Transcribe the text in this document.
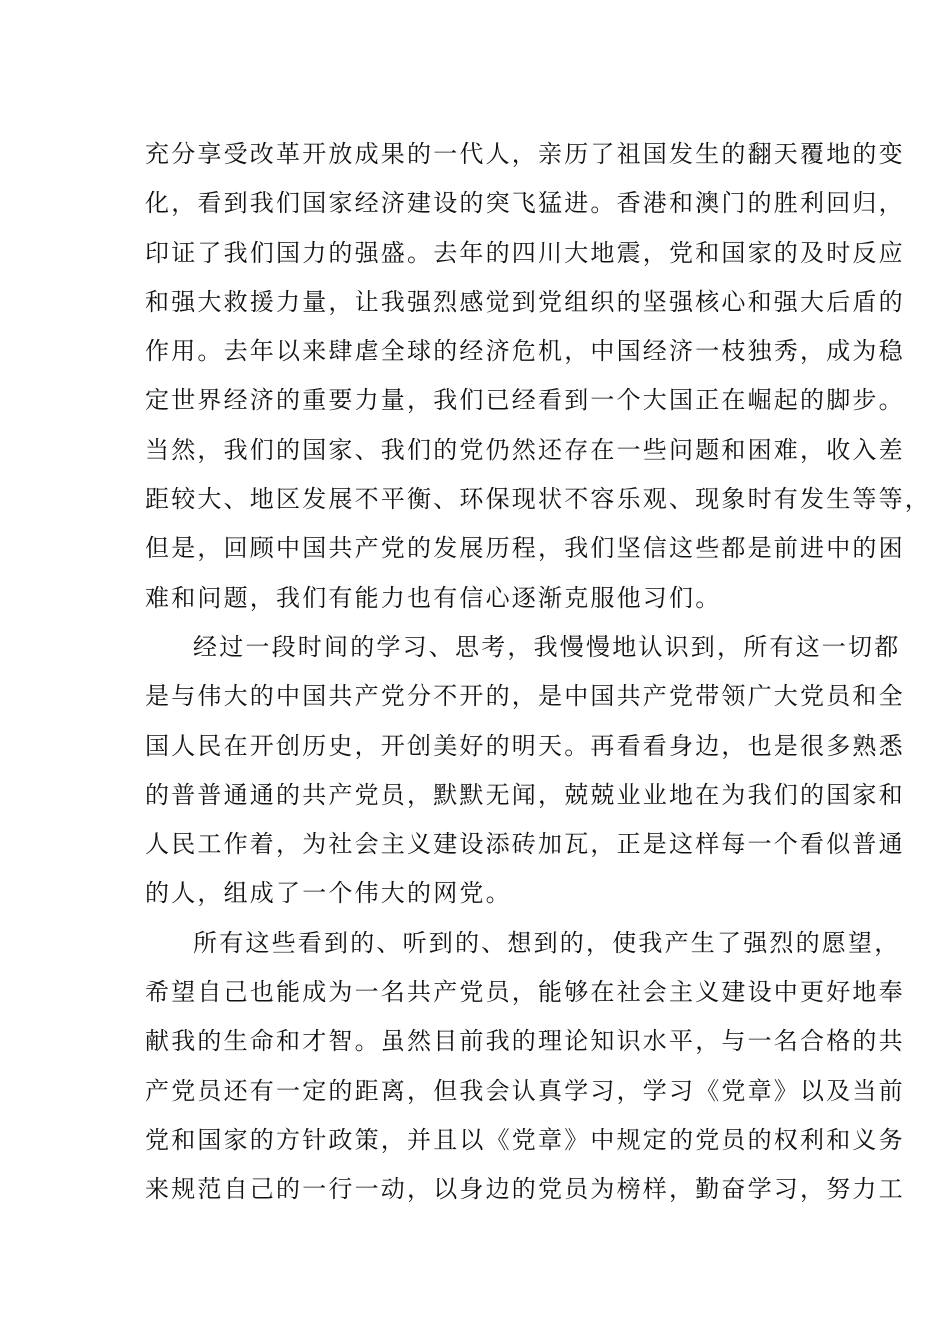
充分享受改革开放成果的一代人，亲历了祖国发生的翻天覆地的变
化，看到我们国家经济建设的突飞猛进。香港和澳门的胜利回归，
印证了我们国力的强盛。去年的四川大地震，党和国家的及时反应
和强大救援力量，让我强烈感觉到党组织的坚强核心和强大后盾的
作用。去年以来肆虐全球的经济危机，中国经济一枝独秀，成为稳
定世界经济的重要力量，我们已经看到一个大国正在崛起的脚步。
当然，我们的国家、我们的党仍然还存在一些问题和困难，收入差
距较大、地区发展不平衡、环保现状不容乐观、现象时有发生等等，
但是，回顾中国共产党的发展历程，我们坚信这些都是前进中的困
难和问题，我们有能力也有信心逐渐克服他习们。
经过一段时间的学习、思考，我慢慢地认识到，所有这一切都
是与伟大的中国共产党分不开的，是中国共产党带领广大党员和全
国人民在开创历史，开创美好的明天。再看看身边，也是很多熟悉
的普普通通的共产党员，默默无闻，兢兢业业地在为我们的国家和
人民工作着，为社会主义建设添砖加瓦，正是这样每一个看似普通
的人，组成了一个伟大的网党。
所有这些看到的、听到的、想到的，使我产生了强烈的愿望，
希望自己也能成为一名共产党员，能够在社会主义建设中更好地奉
献我的生命和才智。虽然目前我的理论知识水平，与一名合格的共
产党员还有一定的距离，但我会认真学习，学习《党章》以及当前
党和国家的方针政策，并且以《党章》中规定的党员的权利和义务
来规范自己的一行一动，以身边的党员为榜样，勤奋学习，努力工
